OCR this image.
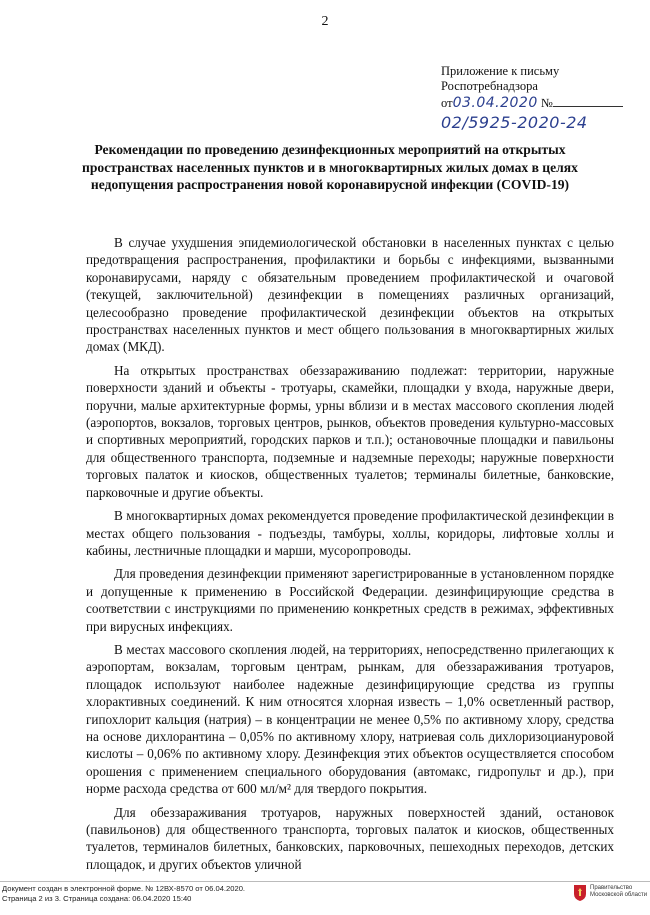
2
Приложение к письму
Роспотребнадзора
от03.04.2020 №
02/5925-2020-24
Рекомендации по проведению дезинфекционных мероприятий на открытых пространствах населенных пунктов и в многоквартирных жилых домах в целях недопущения распространения новой коронавирусной инфекции (COVID-19)

В случае ухудшения эпидемиологической обстановки в населенных пунктах с целью предотвращения распространения, профилактики и борьбы с инфекциями, вызванными коронавирусами, наряду с обязательным проведением профилактической и очаговой (текущей, заключительной) дезинфекции в помещениях различных организаций, целесообразно проведение профилактической дезинфекции объектов на открытых пространствах населенных пунктов и мест общего пользования в многоквартирных жилых домах (МКД).

На открытых пространствах обеззараживанию подлежат: территории, наружные поверхности зданий и объекты - тротуары, скамейки, площадки у входа, наружные двери, поручни, малые архитектурные формы, урны вблизи и в местах массового скопления людей (аэропортов, вокзалов, торговых центров, рынков, объектов проведения культурно-массовых и спортивных мероприятий, городских парков и т.п.); остановочные площадки и павильоны для общественного транспорта, подземные и надземные переходы; наружные поверхности торговых палаток и киосков, общественных туалетов; терминалы билетные, банковские, парковочные и другие объекты.

В многоквартирных домах рекомендуется проведение профилактической дезинфекции в местах общего пользования - подъезды, тамбуры, холлы, коридоры, лифтовые холлы и кабины, лестничные площадки и марши, мусоропроводы.

Для проведения дезинфекции применяют зарегистрированные в установленном порядке и допущенные к применению в Российской Федерации. дезинфицирующие средства в соответствии с инструкциями по применению конкретных средств в режимах, эффективных при вирусных инфекциях.

В местах массового скопления людей, на территориях, непосредственно прилегающих к аэропортам, вокзалам, торговым центрам, рынкам, для обеззараживания тротуаров, площадок используют наиболее надежные дезинфицирующие средства из группы хлорактивных соединений. К ним относятся хлорная известь – 1,0% осветленный раствор, гипохлорит кальция (натрия) – в концентрации не менее 0,5% по активному хлору, средства на основе дихлорантина – 0,05% по активному хлору, натриевая соль дихлоризоциануровой кислоты – 0,06% по активному хлору. Дезинфекция этих объектов осуществляется способом орошения с применением специального оборудования (автомакс, гидропульт и др.), при норме расхода средства от 600 мл/м² для твердого покрытия.

Для обеззараживания тротуаров, наружных поверхностей зданий, остановок (павильонов) для общественного транспорта, торговых палаток и киосков, общественных туалетов, терминалов билетных, банковских, парковочных, пешеходных переходов, детских площадок, и других объектов уличной

Документ создан в электронной форме. № 12ВХ-8570 от 06.04.2020.
Страница 2 из 3. Страница создана: 06.04.2020 15:40
Правительство Московской области
